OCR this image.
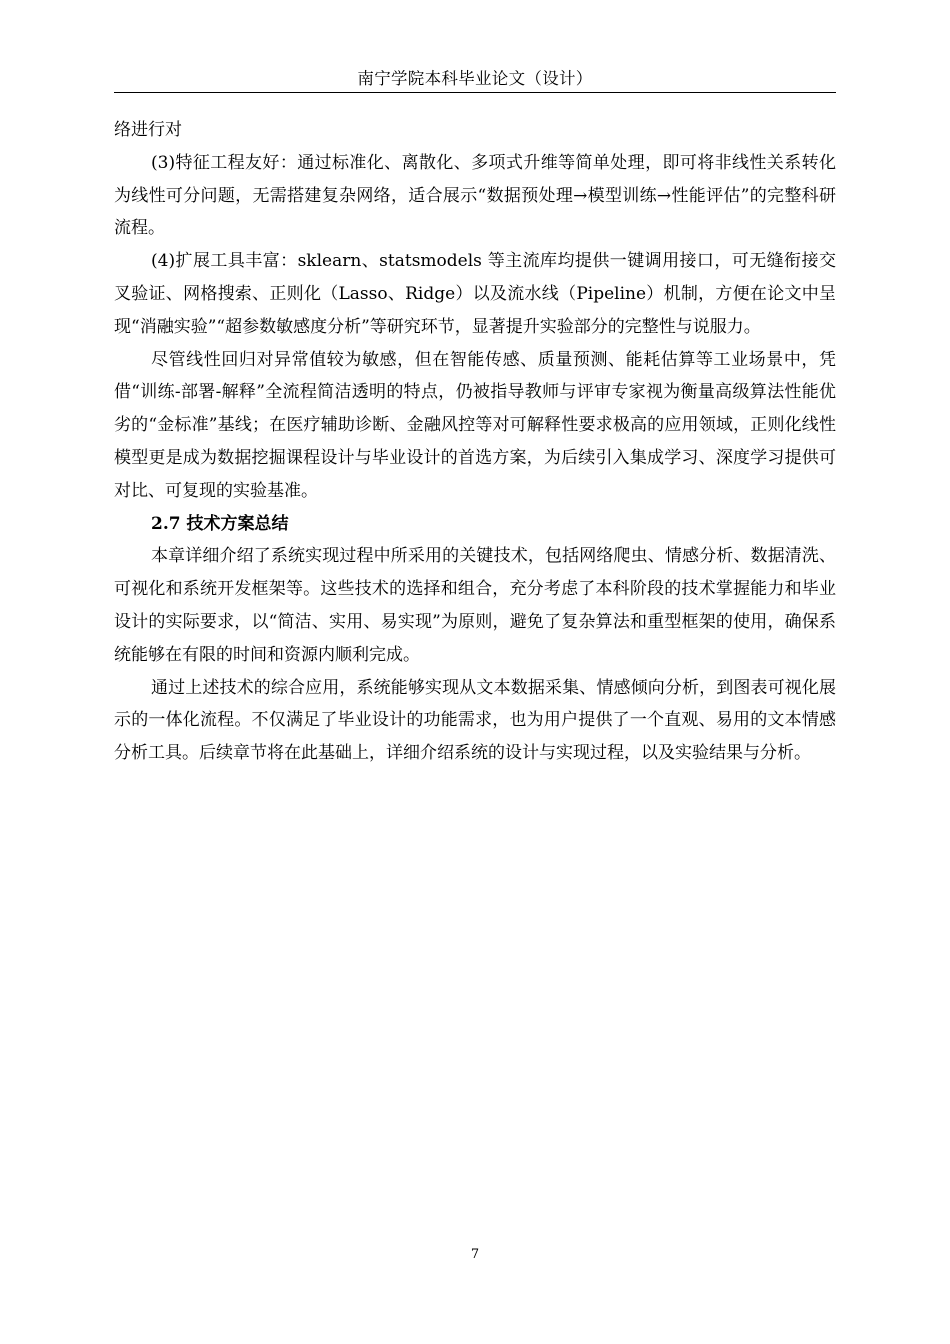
南宁学院本科毕业论文（设计）

络进行对

(3)特征工程友好：通过标准化、离散化、多项式升维等简单处理，即可将非线性关系转化为线性可分问题，无需搭建复杂网络，适合展示“数据预处理→模型训练→性能评估”的完整科研流程。

(4)扩展工具丰富：sklearn、statsmodels 等主流库均提供一键调用接口，可无缝衔接交叉验证、网格搜索、正则化（Lasso、Ridge）以及流水线（Pipeline）机制，方便在论文中呈现“消融实验”“超参数敏感度分析”等研究环节，显著提升实验部分的完整性与说服力。

尽管线性回归对异常值较为敏感，但在智能传感、质量预测、能耗估算等工业场景中，凭借“训练-部署-解释”全流程简洁透明的特点，仍被指导教师与评审专家视为衡量高级算法性能优劣的“金标准”基线；在医疗辅助诊断、金融风控等对可解释性要求极高的应用领域，正则化线性模型更是成为数据挖掘课程设计与毕业设计的首选方案，为后续引入集成学习、深度学习提供可对比、可复现的实验基准。

2.7 技术方案总结

本章详细介绍了系统实现过程中所采用的关键技术，包括网络爬虫、情感分析、数据清洗、可视化和系统开发框架等。这些技术的选择和组合，充分考虑了本科阶段的技术掌握能力和毕业设计的实际要求，以“简洁、实用、易实现”为原则，避免了复杂算法和重型框架的使用，确保系统能够在有限的时间和资源内顺利完成。

通过上述技术的综合应用，系统能够实现从文本数据采集、情感倾向分析，到图表可视化展示的一体化流程。不仅满足了毕业设计的功能需求，也为用户提供了一个直观、易用的文本情感分析工具。后续章节将在此基础上，详细介绍系统的设计与实现过程，以及实验结果与分析。

7
